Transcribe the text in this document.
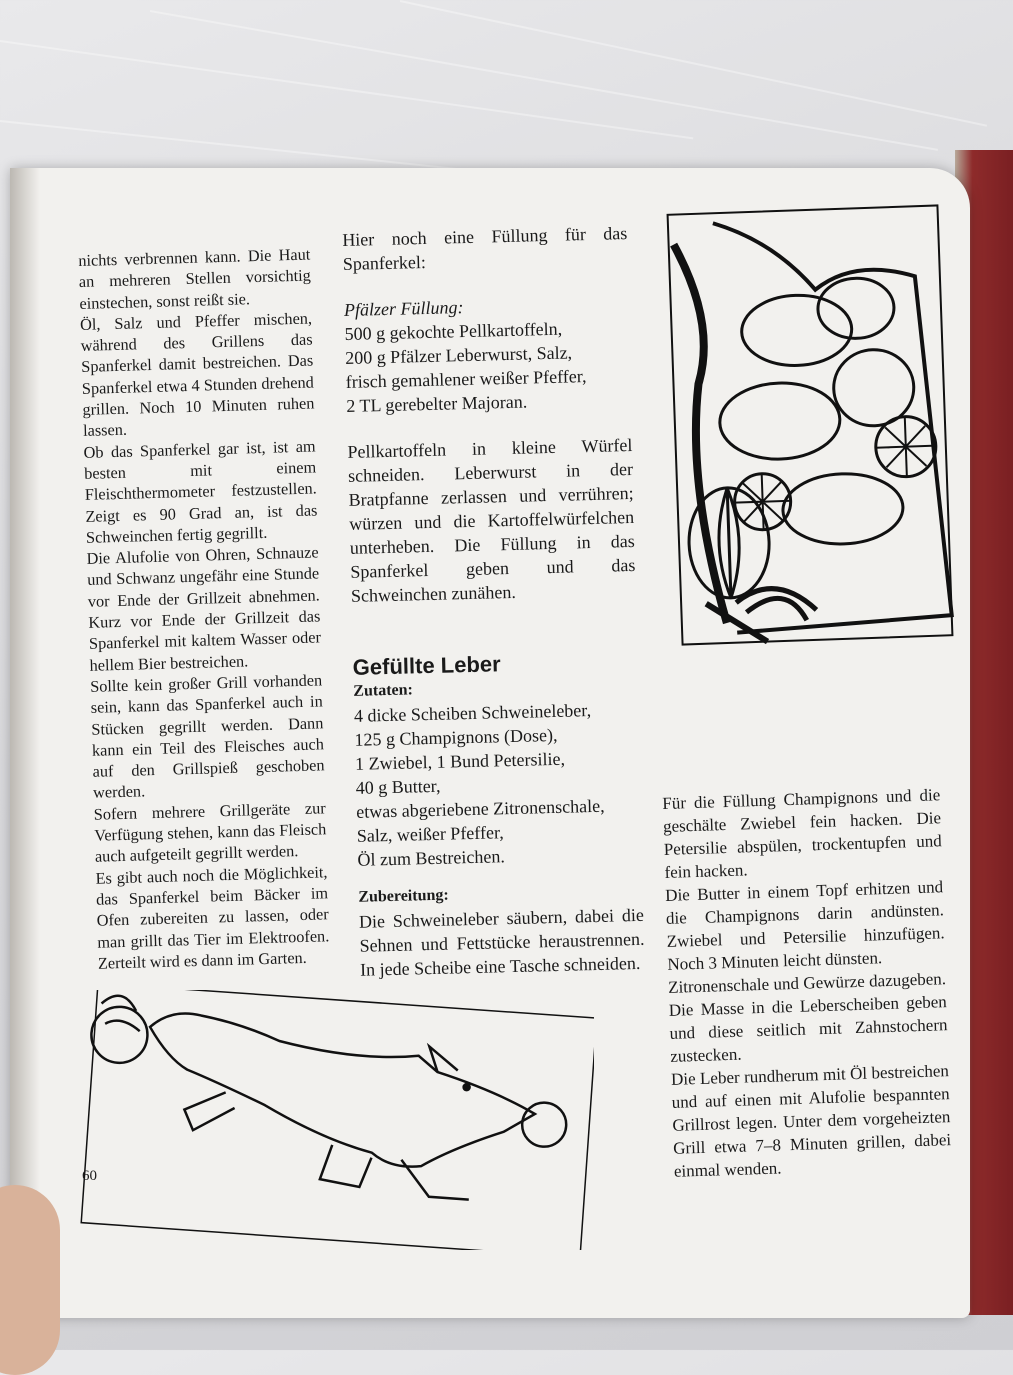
nichts verbrennen kann. Die Haut an mehreren Stellen vorsichtig einstechen, sonst reißt sie.

Öl, Salz und Pfeffer mischen, während des Grillens das Spanferkel damit bestreichen. Das Spanferkel etwa 4 Stunden drehend grillen. Noch 10 Minuten ruhen lassen.

Ob das Spanferkel gar ist, ist am besten mit einem Fleischthermometer festzustellen. Zeigt es 90 Grad an, ist das Schweinchen fertig gegrillt.

Die Alufolie von Ohren, Schnauze und Schwanz ungefähr eine Stunde vor Ende der Grillzeit abnehmen. Kurz vor Ende der Grillzeit das Spanferkel mit kaltem Wasser oder hellem Bier bestreichen.

Sollte kein großer Grill vorhanden sein, kann das Spanferkel auch in Stücken gegrillt werden. Dann kann ein Teil des Fleisches auch auf den Grillspieß geschoben werden.

Sofern mehrere Grillgeräte zur Verfügung stehen, kann das Fleisch auch aufgeteilt gegrillt werden.

Es gibt auch noch die Möglichkeit, das Spanferkel beim Bäcker im Ofen zubereiten zu lassen, oder man grillt das Tier im Elektroofen. Zerteilt wird es dann im Garten.

Hier noch eine Füllung für das Spanferkel:

Pfälzer Füllung:

500 g gekochte Pellkartoffeln,

200 g Pfälzer Leberwurst, Salz,

frisch gemahlener weißer Pfeffer,

2 TL gerebelter Majoran.

Pellkartoffeln in kleine Würfel schneiden. Leberwurst in der Bratpfanne zerlassen und verrühren; würzen und die Kartoffelwürfelchen unterheben. Die Füllung in das Spanferkel geben und das Schweinchen zunähen.

Gefüllte Leber

Zutaten:

4 dicke Scheiben Schweineleber,

125 g Champignons (Dose),

1 Zwiebel, 1 Bund Petersilie,

40 g Butter,

etwas abgeriebene Zitronenschale,

Salz, weißer Pfeffer,

Öl zum Bestreichen.

Zubereitung:

Die Schweineleber säubern, dabei die Sehnen und Fettstücke heraustrennen. In jede Scheibe eine Tasche schneiden.

Für die Füllung Champignons und die geschälte Zwiebel fein hacken. Die Petersilie abspülen, trockentupfen und fein hacken.

Die Butter in einem Topf erhitzen und die Champignons darin andünsten. Zwiebel und Petersilie hinzufügen. Noch 3 Minuten leicht dünsten.

Zitronenschale und Gewürze dazugeben. Die Masse in die Leberscheiben geben und diese seitlich mit Zahnstochern zustecken.

Die Leber rundherum mit Öl bestreichen und auf einen mit Alufolie bespannten Grillrost legen. Unter dem vorgeheizten Grill etwa 7–8 Minuten grillen, dabei einmal wenden.

60
